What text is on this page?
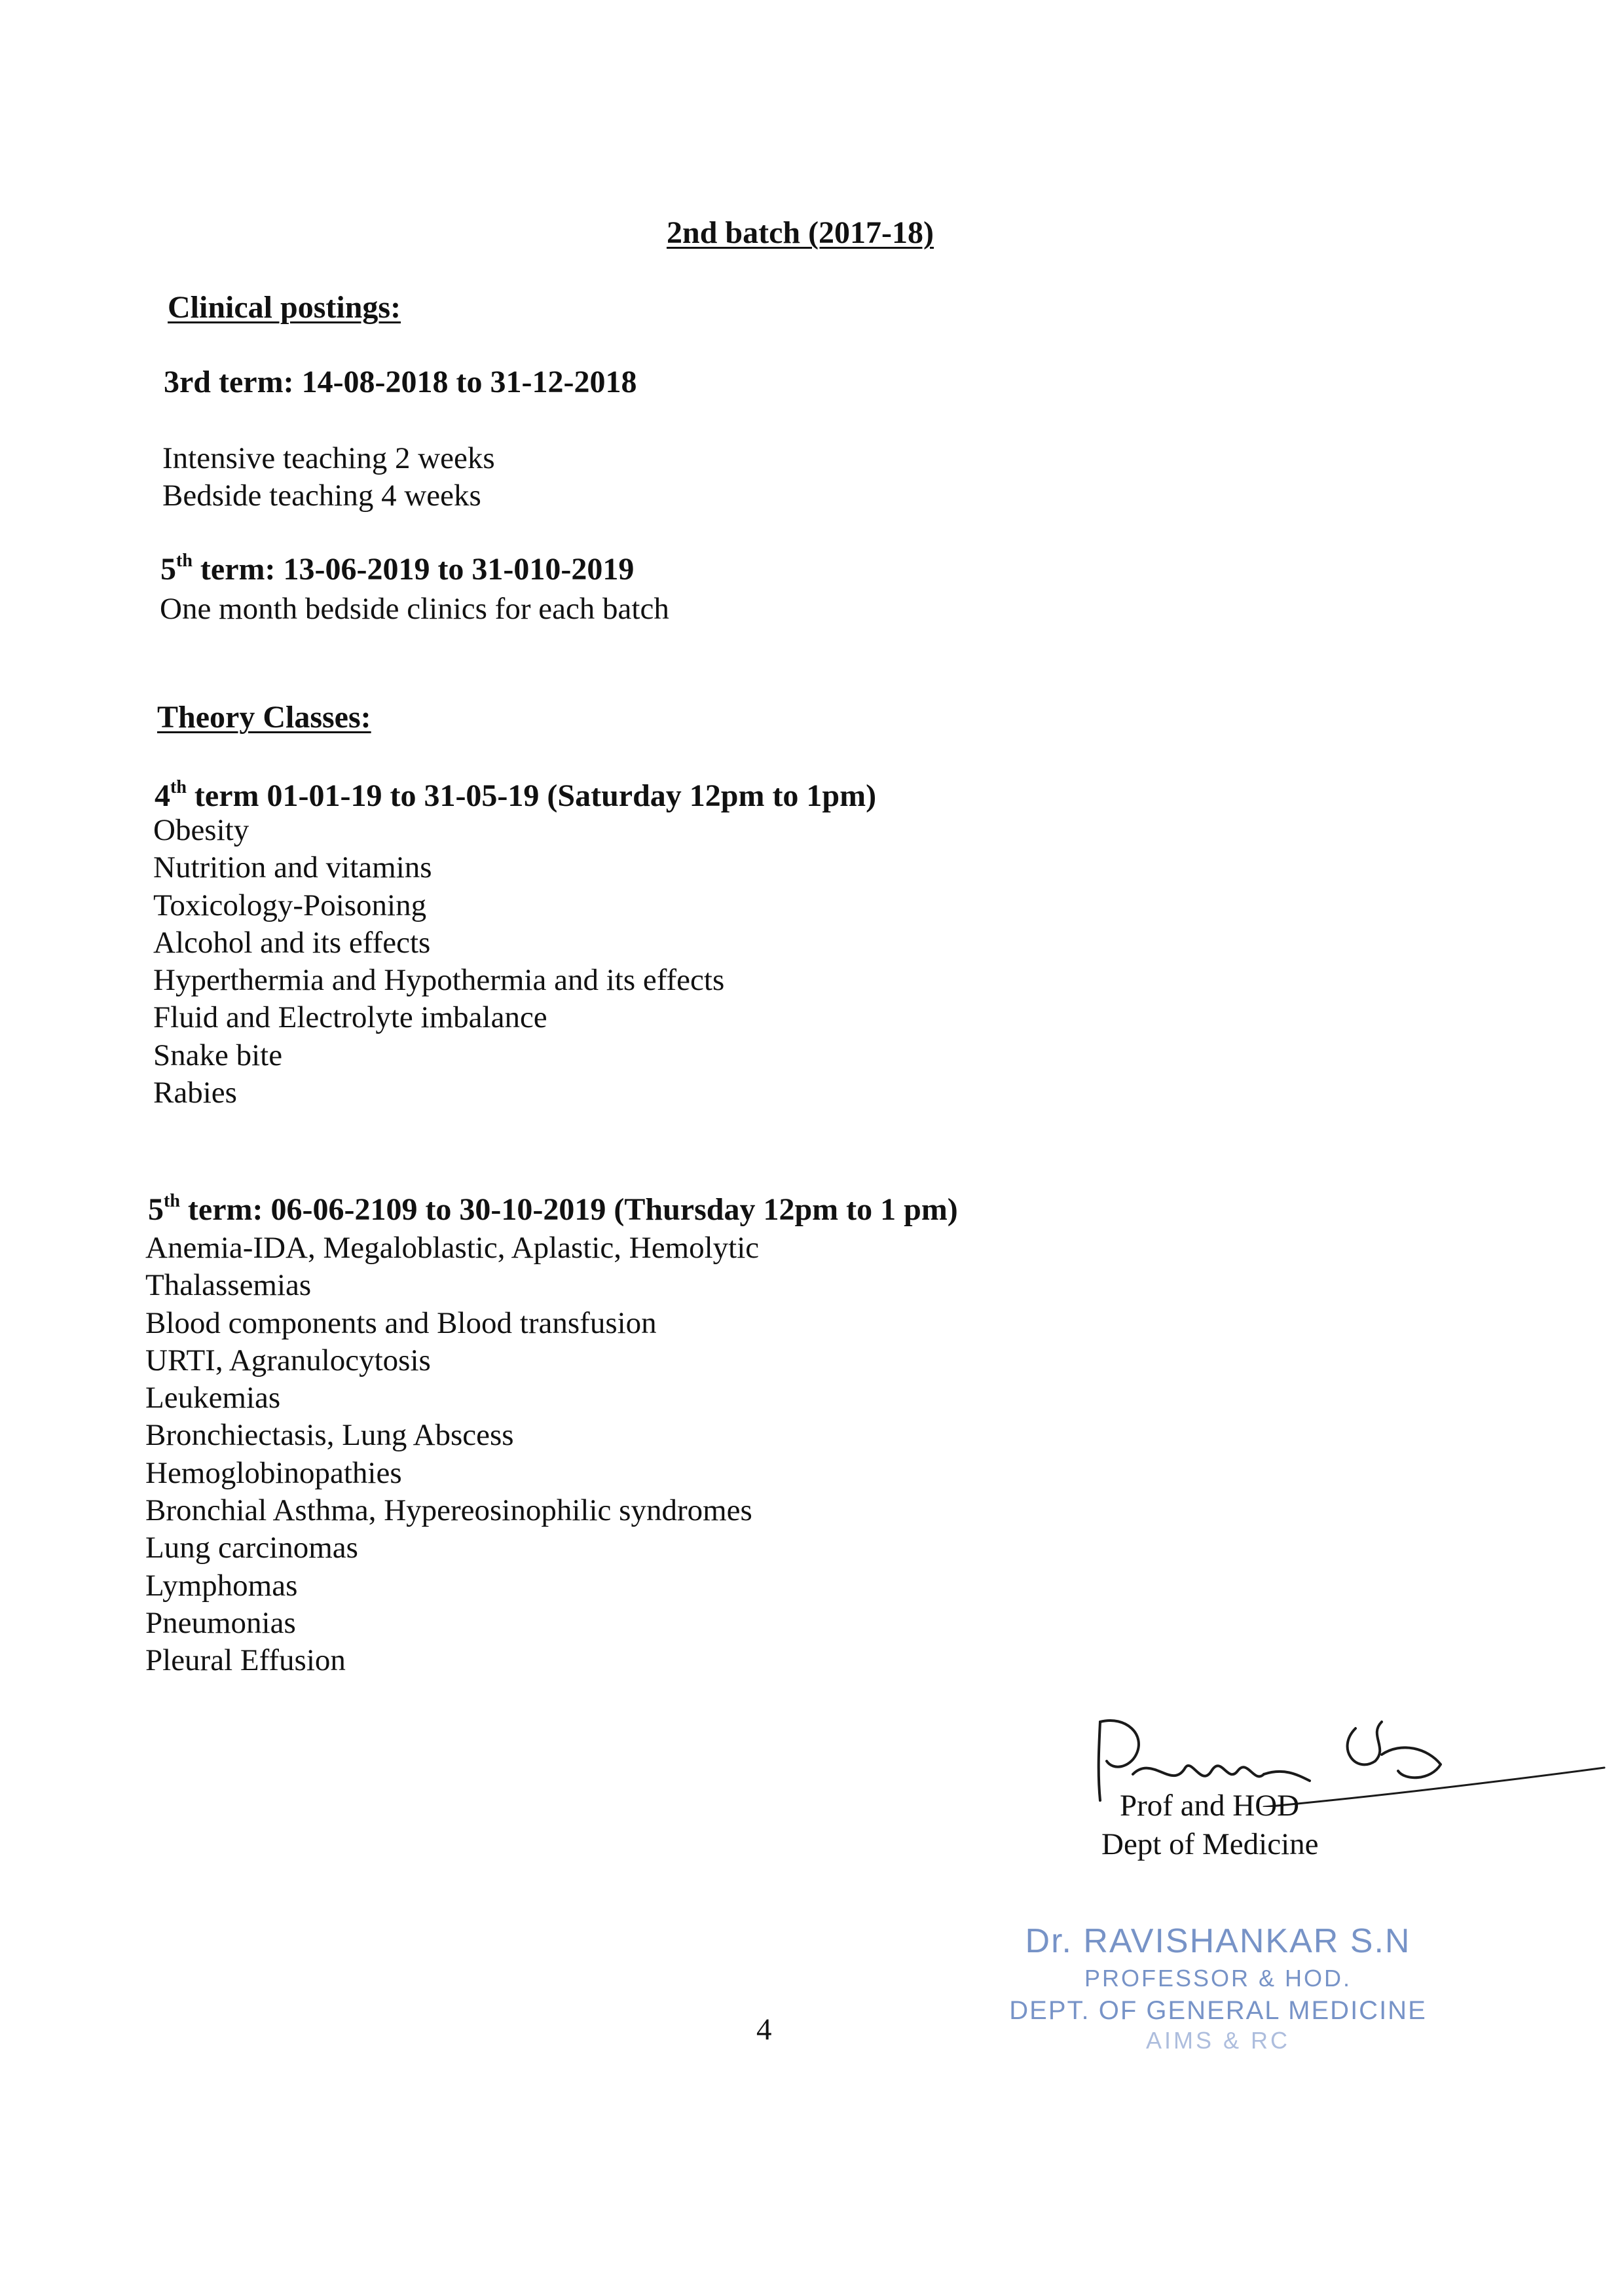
2nd batch (2017-18)
Clinical postings:
3rd term: 14-08-2018 to 31-12-2018
Intensive teaching 2 weeks
Bedside teaching 4 weeks
5th term: 13-06-2019 to 31-010-2019
One month bedside clinics for each batch
Theory Classes:
4th term 01-01-19 to 31-05-19 (Saturday 12pm to 1pm)
Obesity
Nutrition and vitamins
Toxicology-Poisoning
Alcohol and its effects
Hyperthermia and Hypothermia and its effects
Fluid and Electrolyte imbalance
Snake bite
Rabies
5th term: 06-06-2109 to 30-10-2019 (Thursday 12pm to 1 pm)
Anemia-IDA, Megaloblastic, Aplastic, Hemolytic
Thalassemias
Blood components and Blood transfusion
URTI, Agranulocytosis
Leukemias
Bronchiectasis, Lung Abscess
Hemoglobinopathies
Bronchial Asthma, Hypereosinophilic syndromes
Lung carcinomas
Lymphomas
Pneumonias
Pleural Effusion
Prof and HOD
Dept of Medicine
Dr. RAVISHANKAR S.N
PROFESSOR & HOD.
DEPT. OF GENERAL MEDICINE
AIMS & RC
4
